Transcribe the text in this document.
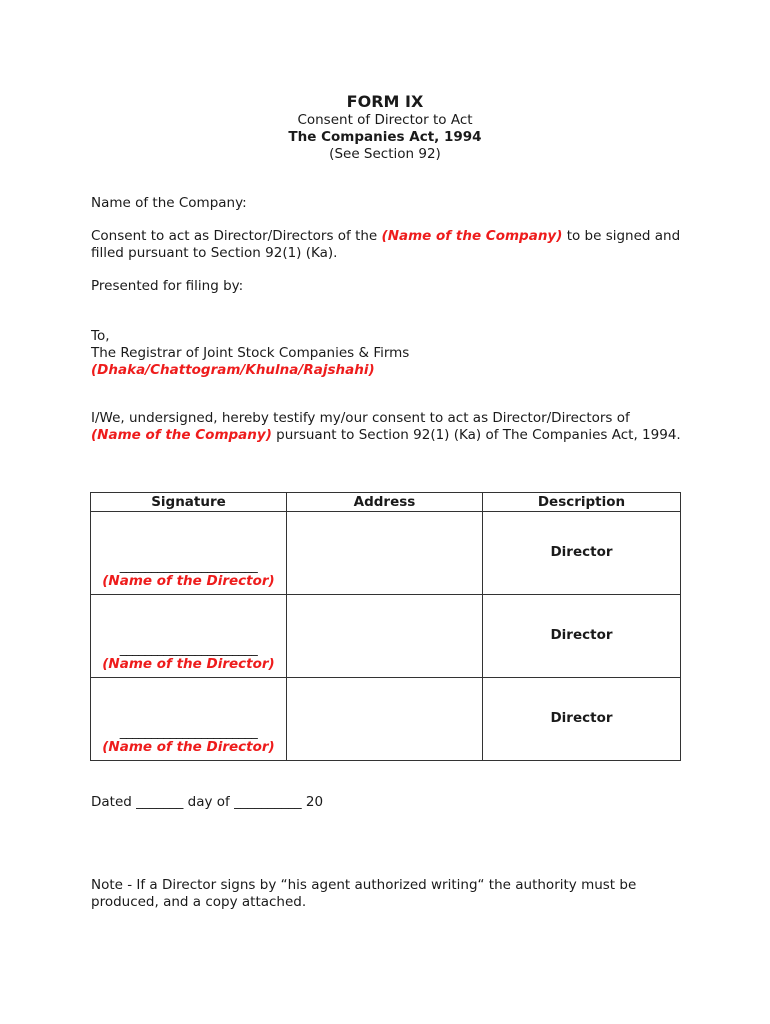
FORM IX
Consent of Director to Act
The Companies Act, 1994
(See Section 92)
Name of the Company:
Consent to act as Director/Directors of the (Name of the Company) to be signed and filled pursuant to Section 92(1) (Ka).
Presented for filing by:
To,
The Registrar of Joint Stock Companies & Firms
(Dhaka/Chattogram/Khulna/Rajshahi)
I/We, undersigned, hereby testify my/our consent to act as Director/Directors of (Name of the Company) pursuant to Section 92(1) (Ka) of The Companies Act, 1994.
Signature	Address	Description

______________________
(Name of the Director)		Director

______________________
(Name of the Director)		Director

______________________
(Name of the Director)		Director
Dated _______ day of __________ 20
Note - If a Director signs by “his agent authorized writing“ the authority must be produced, and a copy attached.
